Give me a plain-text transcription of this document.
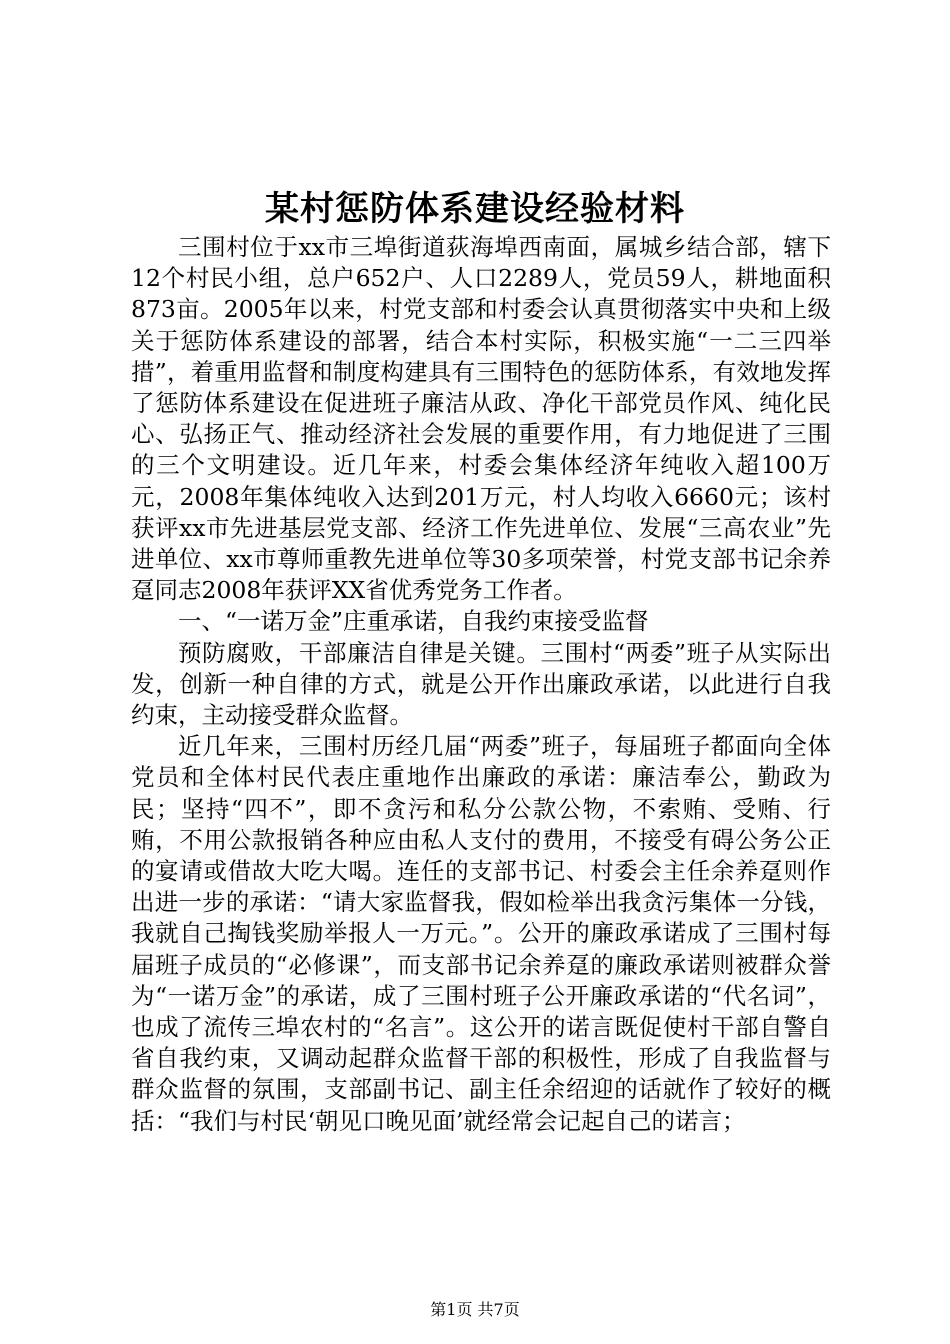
某村惩防体系建设经验材料

三围村位于xx市三埠街道荻海埠西南面，属城乡结合部，辖下12个村民小组，总户652户、人口2289人，党员59人，耕地面积873亩。2005年以来，村党支部和村委会认真贯彻落实中央和上级关于惩防体系建设的部署，结合本村实际，积极实施“一二三四举措”，着重用监督和制度构建具有三围特色的惩防体系，有效地发挥了惩防体系建设在促进班子廉洁从政、净化干部党员作风、纯化民心、弘扬正气、推动经济社会发展的重要作用，有力地促进了三围的三个文明建设。近几年来，村委会集体经济年纯收入超100万元，2008年集体纯收入达到201万元，村人均收入6660元；该村获评xx市先进基层党支部、经济工作先进单位、发展“三高农业”先进单位、xx市尊师重教先进单位等30多项荣誉，村党支部书记余养趸同志2008年获评XX省优秀党务工作者。

一、“一诺万金”庄重承诺，自我约束接受监督

预防腐败，干部廉洁自律是关键。三围村“两委”班子从实际出发，创新一种自律的方式，就是公开作出廉政承诺，以此进行自我约束，主动接受群众监督。

近几年来，三围村历经几届“两委”班子，每届班子都面向全体党员和全体村民代表庄重地作出廉政的承诺：廉洁奉公，勤政为民；坚持“四不”，即不贪污和私分公款公物，不索贿、受贿、行贿，不用公款报销各种应由私人支付的费用，不接受有碍公务公正的宴请或借故大吃大喝。连任的支部书记、村委会主任余养趸则作出进一步的承诺：“请大家监督我，假如检举出我贪污集体一分钱，我就自己掏钱奖励举报人一万元。”。公开的廉政承诺成了三围村每届班子成员的“必修课”，而支部书记余养趸的廉政承诺则被群众誉为“一诺万金”的承诺，成了三围村班子公开廉政承诺的“代名词”，也成了流传三埠农村的“名言”。这公开的诺言既促使村干部自警自省自我约束，又调动起群众监督干部的积极性，形成了自我监督与群众监督的氛围，支部副书记、副主任余绍迎的话就作了较好的概括：“我们与村民‘朝见口晚见面’就经常会记起自己的诺言；

第1页 共7页
